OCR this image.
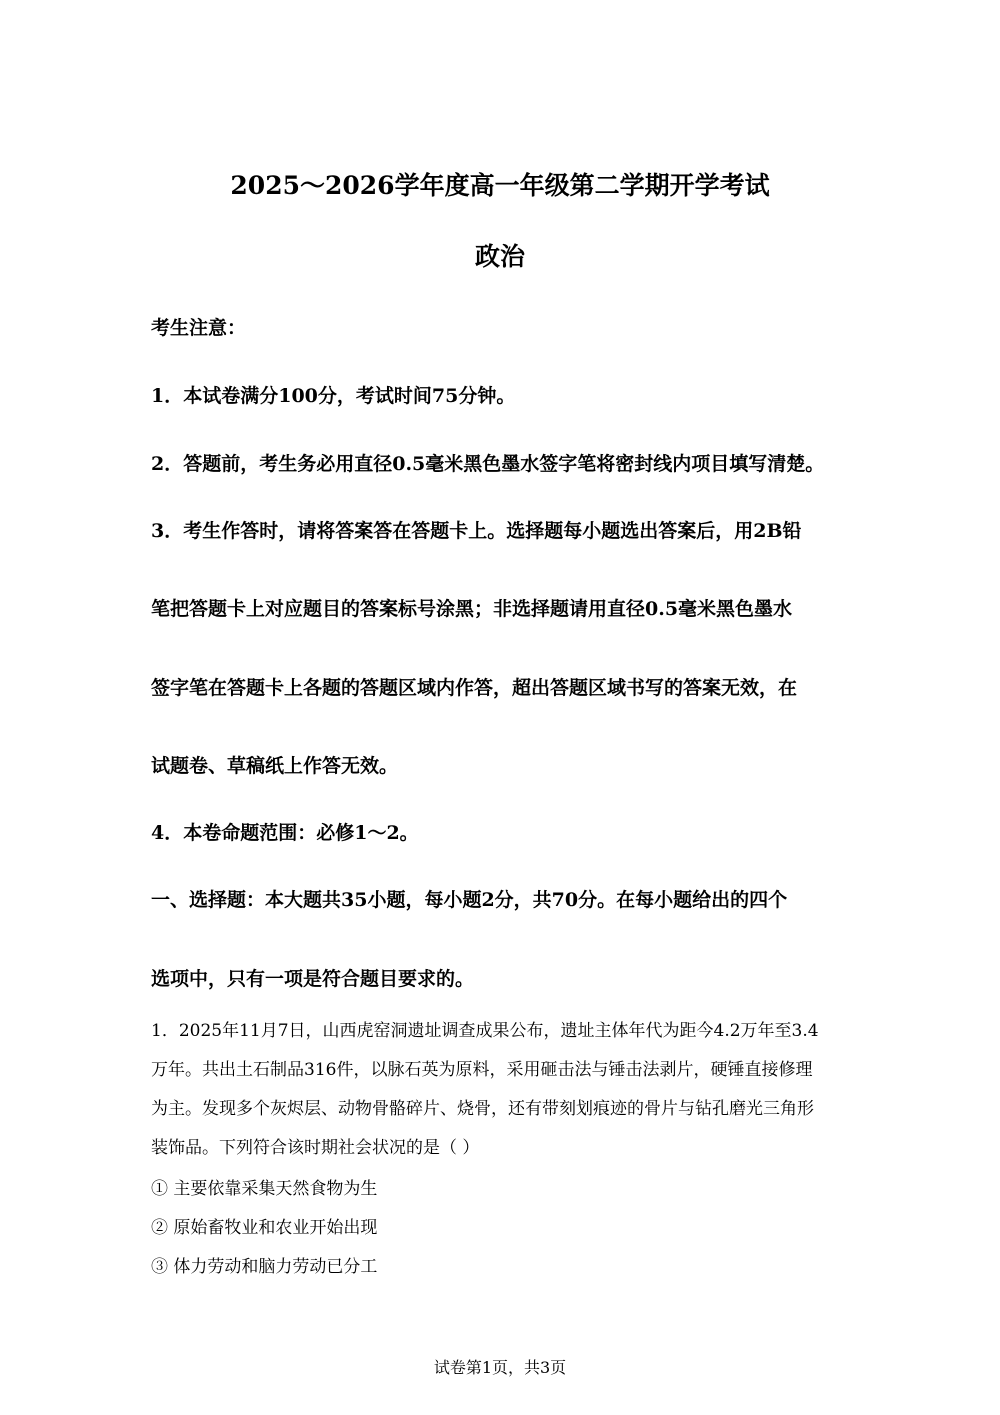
2025～2026学年度高一年级第二学期开学考试
政治
考生注意：
1．本试卷满分100分，考试时间75分钟。
2．答题前，考生务必用直径0.5毫米黑色墨水签字笔将密封线内项目填写清楚。
3．考生作答时，请将答案答在答题卡上。选择题每小题选出答案后，用2B铅
笔把答题卡上对应题目的答案标号涂黑；非选择题请用直径0.5毫米黑色墨水
签字笔在答题卡上各题的答题区域内作答，超出答题区域书写的答案无效，在
试题卷、草稿纸上作答无效。
4．本卷命题范围：必修1～2。
一、选择题：本大题共35小题，每小题2分，共70分。在每小题给出的四个
选项中，只有一项是符合题目要求的。
1．2025年11月7日，山西虎窑洞遗址调查成果公布，遗址主体年代为距今4.2万年至3.4
万年。共出土石制品316件，以脉石英为原料，采用砸击法与锤击法剥片，硬锤直接修理
为主。发现多个灰烬层、动物骨骼碎片、烧骨，还有带刻划痕迹的骨片与钻孔磨光三角形
装饰品。下列符合该时期社会状况的是（ ）
① 主要依靠采集天然食物为生
② 原始畜牧业和农业开始出现
③ 体力劳动和脑力劳动已分工
试卷第1页，共3页
